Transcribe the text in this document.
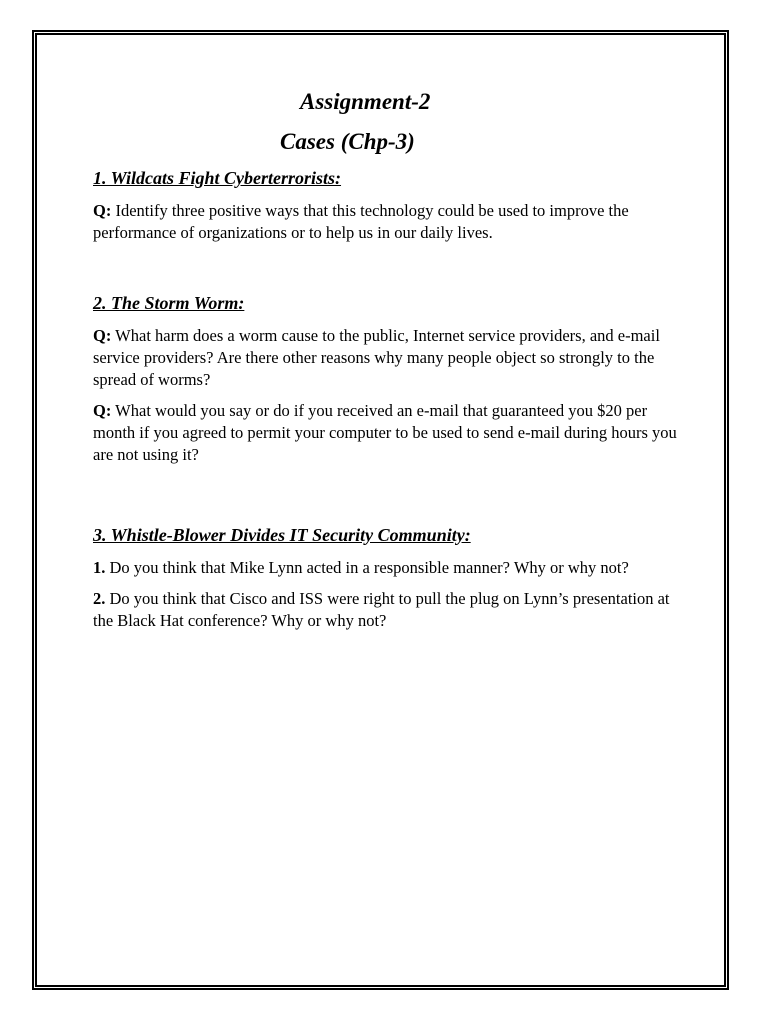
Assignment-2
Cases (Chp-3)
1. Wildcats Fight Cyberterrorists:

Q: Identify three positive ways that this technology could be used to improve the performance of organizations or to help us in our daily lives.

2. The Storm Worm:

Q: What harm does a worm cause to the public, Internet service providers, and e-mail service providers? Are there other reasons why many people object so strongly to the spread of worms?

Q: What would you say or do if you received an e-mail that guaranteed you $20 per month if you agreed to permit your computer to be used to send e-mail during hours you are not using it?

3. Whistle-Blower Divides IT Security Community:

1. Do you think that Mike Lynn acted in a responsible manner? Why or why not?

2. Do you think that Cisco and ISS were right to pull the plug on Lynn’s presentation at the Black Hat conference? Why or why not?
